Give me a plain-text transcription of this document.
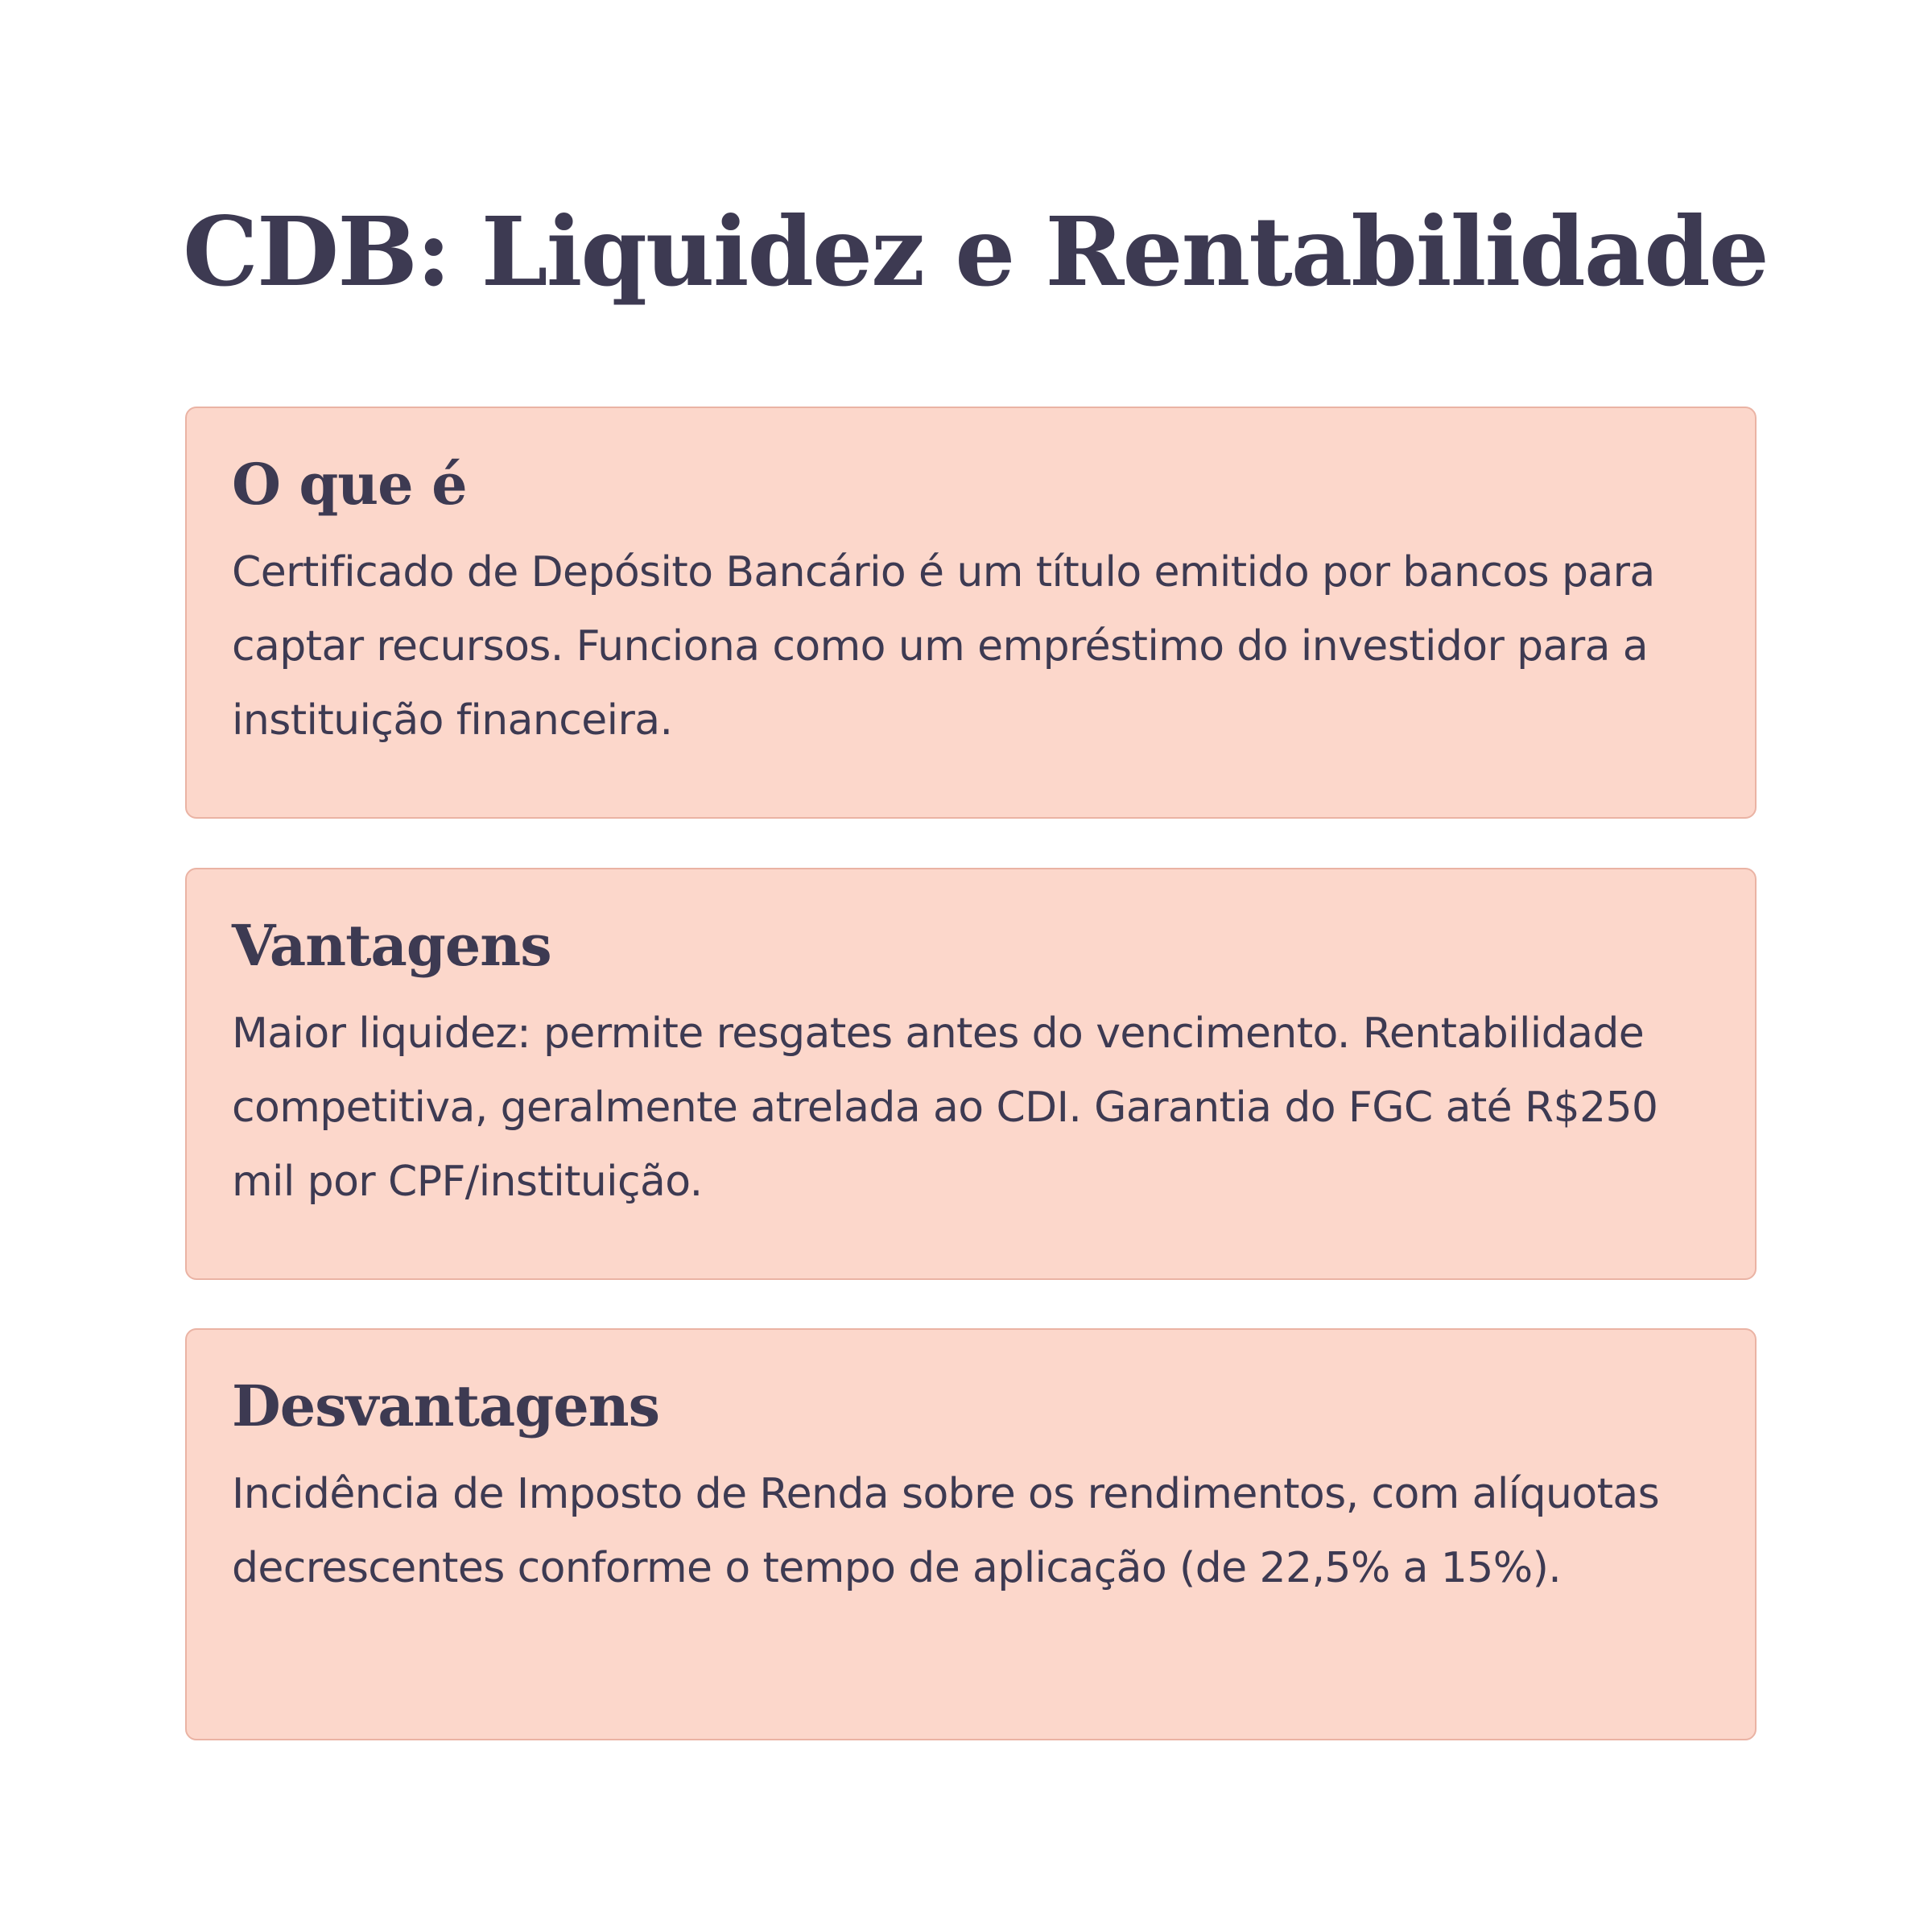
CDB: Liquidez e Rentabilidade
O que é

Certificado de Depósito Bancário é um título emitido por bancos para captar recursos. Funciona como um empréstimo do investidor para a instituição financeira.

Vantagens

Maior liquidez: permite resgates antes do vencimento. Rentabilidade competitiva, geralmente atrelada ao CDI. Garantia do FGC até R$250 mil por CPF/instituição.

Desvantagens

Incidência de Imposto de Renda sobre os rendimentos, com alíquotas decrescentes conforme o tempo de aplicação (de 22,5% a 15%).
